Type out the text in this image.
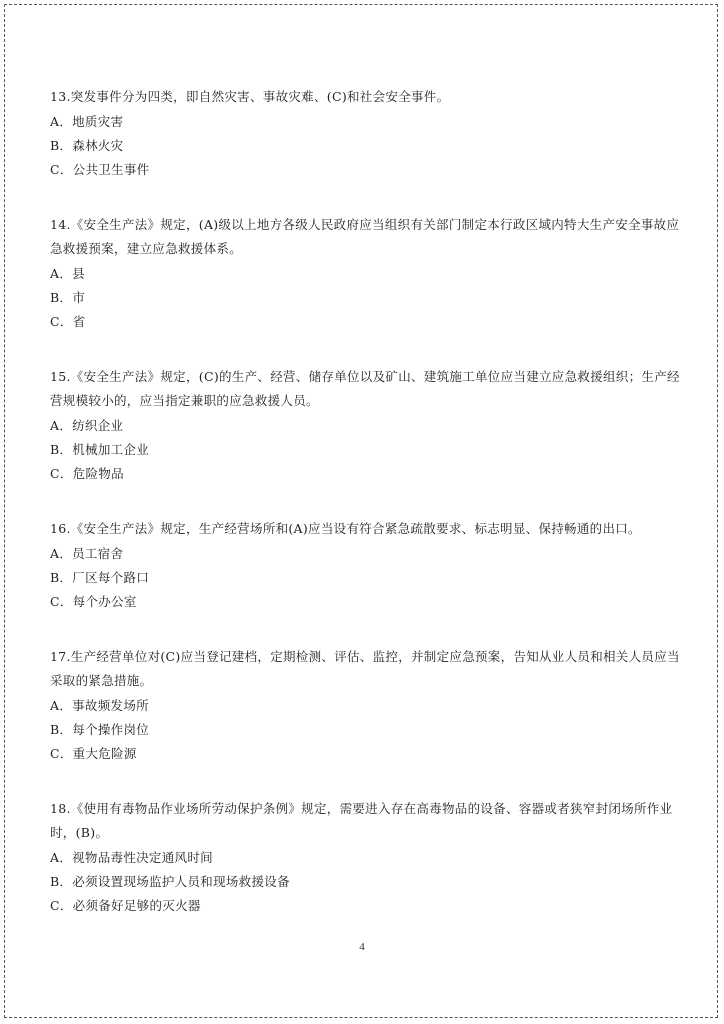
13.突发事件分为四类，即自然灾害、事故灾难、(C)和社会安全事件。

A．地质灾害

B．森林火灾

C．公共卫生事件

14.《安全生产法》规定，(A)级以上地方各级人民政府应当组织有关部门制定本行政区域内特大生产安全事故应急救援预案，建立应急救援体系。

A．县

B．市

C．省

15.《安全生产法》规定，(C)的生产、经营、储存单位以及矿山、建筑施工单位应当建立应急救援组织；生产经营规模较小的，应当指定兼职的应急救援人员。

A．纺织企业

B．机械加工企业

C．危险物品

16.《安全生产法》规定，生产经营场所和(A)应当设有符合紧急疏散要求、标志明显、保持畅通的出口。

A．员工宿舍

B．厂区每个路口

C．每个办公室

17.生产经营单位对(C)应当登记建档，定期检测、评估、监控，并制定应急预案，告知从业人员和相关人员应当采取的紧急措施。

A．事故频发场所

B．每个操作岗位

C．重大危险源

18.《使用有毒物品作业场所劳动保护条例》规定，需要进入存在高毒物品的设备、容器或者狭窄封闭场所作业时，(B)。

A．视物品毒性决定通风时间

B．必须设置现场监护人员和现场救援设备

C．必须备好足够的灭火器

4
